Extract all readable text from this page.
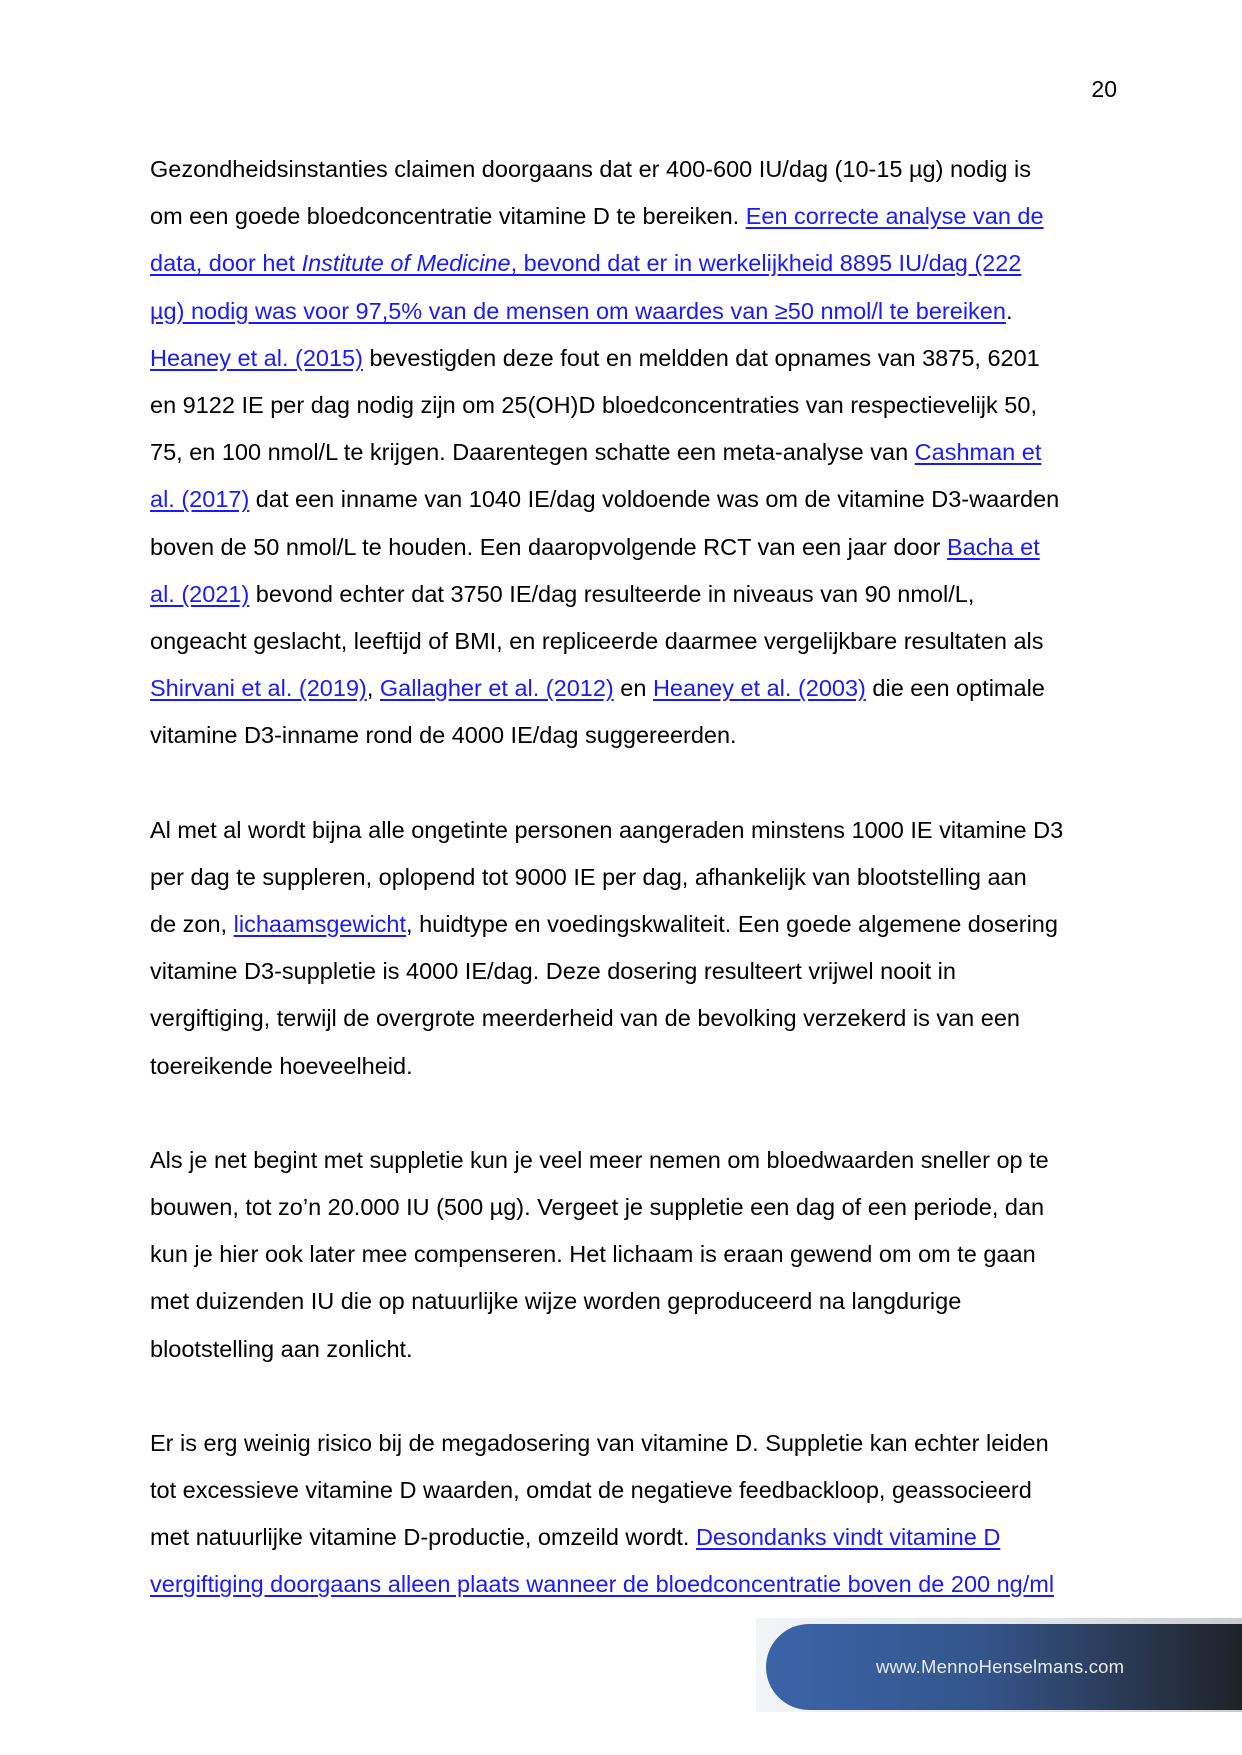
20

Gezondheidsinstanties claimen doorgaans dat er 400-600 IU/dag (10-15 µg) nodig is
om een goede bloedconcentratie vitamine D te bereiken. Een correcte analyse van de
data, door het Institute of Medicine, bevond dat er in werkelijkheid 8895 IU/dag (222
µg) nodig was voor 97,5% van de mensen om waardes van ≥50 nmol/l te bereiken.
Heaney et al. (2015) bevestigden deze fout en meldden dat opnames van 3875, 6201
en 9122 IE per dag nodig zijn om 25(OH)D bloedconcentraties van respectievelijk 50,
75, en 100 nmol/L te krijgen. Daarentegen schatte een meta-analyse van Cashman et
al. (2017) dat een inname van 1040 IE/dag voldoende was om de vitamine D3-waarden
boven de 50 nmol/L te houden. Een daaropvolgende RCT van een jaar door Bacha et
al. (2021) bevond echter dat 3750 IE/dag resulteerde in niveaus van 90 nmol/L,
ongeacht geslacht, leeftijd of BMI, en repliceerde daarmee vergelijkbare resultaten als
Shirvani et al. (2019), Gallagher et al. (2012) en Heaney et al. (2003) die een optimale
vitamine D3-inname rond de 4000 IE/dag suggereerden.

Al met al wordt bijna alle ongetinte personen aangeraden minstens 1000 IE vitamine D3
per dag te suppleren, oplopend tot 9000 IE per dag, afhankelijk van blootstelling aan
de zon, lichaamsgewicht, huidtype en voedingskwaliteit. Een goede algemene dosering
vitamine D3-suppletie is 4000 IE/dag. Deze dosering resulteert vrijwel nooit in
vergiftiging, terwijl de overgrote meerderheid van de bevolking verzekerd is van een
toereikende hoeveelheid.

Als je net begint met suppletie kun je veel meer nemen om bloedwaarden sneller op te
bouwen, tot zo’n 20.000 IU (500 µg). Vergeet je suppletie een dag of een periode, dan
kun je hier ook later mee compenseren. Het lichaam is eraan gewend om om te gaan
met duizenden IU die op natuurlijke wijze worden geproduceerd na langdurige
blootstelling aan zonlicht.

Er is erg weinig risico bij de megadosering van vitamine D. Suppletie kan echter leiden
tot excessieve vitamine D waarden, omdat de negatieve feedbackloop, geassocieerd
met natuurlijke vitamine D-productie, omzeild wordt. Desondanks vindt vitamine D
vergiftiging doorgaans alleen plaats wanneer de bloedconcentratie boven de 200 ng/ml

www.MennoHenselmans.com
